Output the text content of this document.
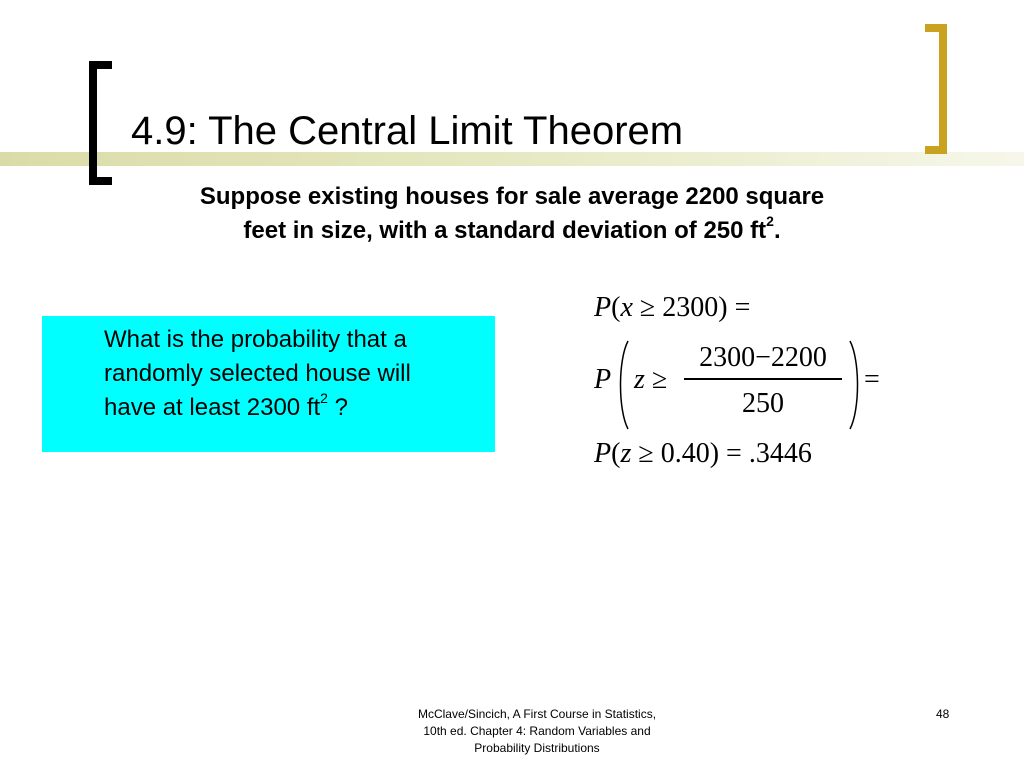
4.9: The Central Limit Theorem
Suppose existing houses for sale average 2200 square
feet in size, with a standard deviation of 250 $ft^2$.
What is the probability that a
randomly selected house will
have at least 2300 $ft^2$ ?
P(x ≥ 2300) =
P z ≥	=
2300−2200
250
P(z ≥ 0.40) = .3446
McClave/Sincich, A First Course in Statistics,
10th ed. Chapter 4: Random Variables and
Probability Distributions
48
